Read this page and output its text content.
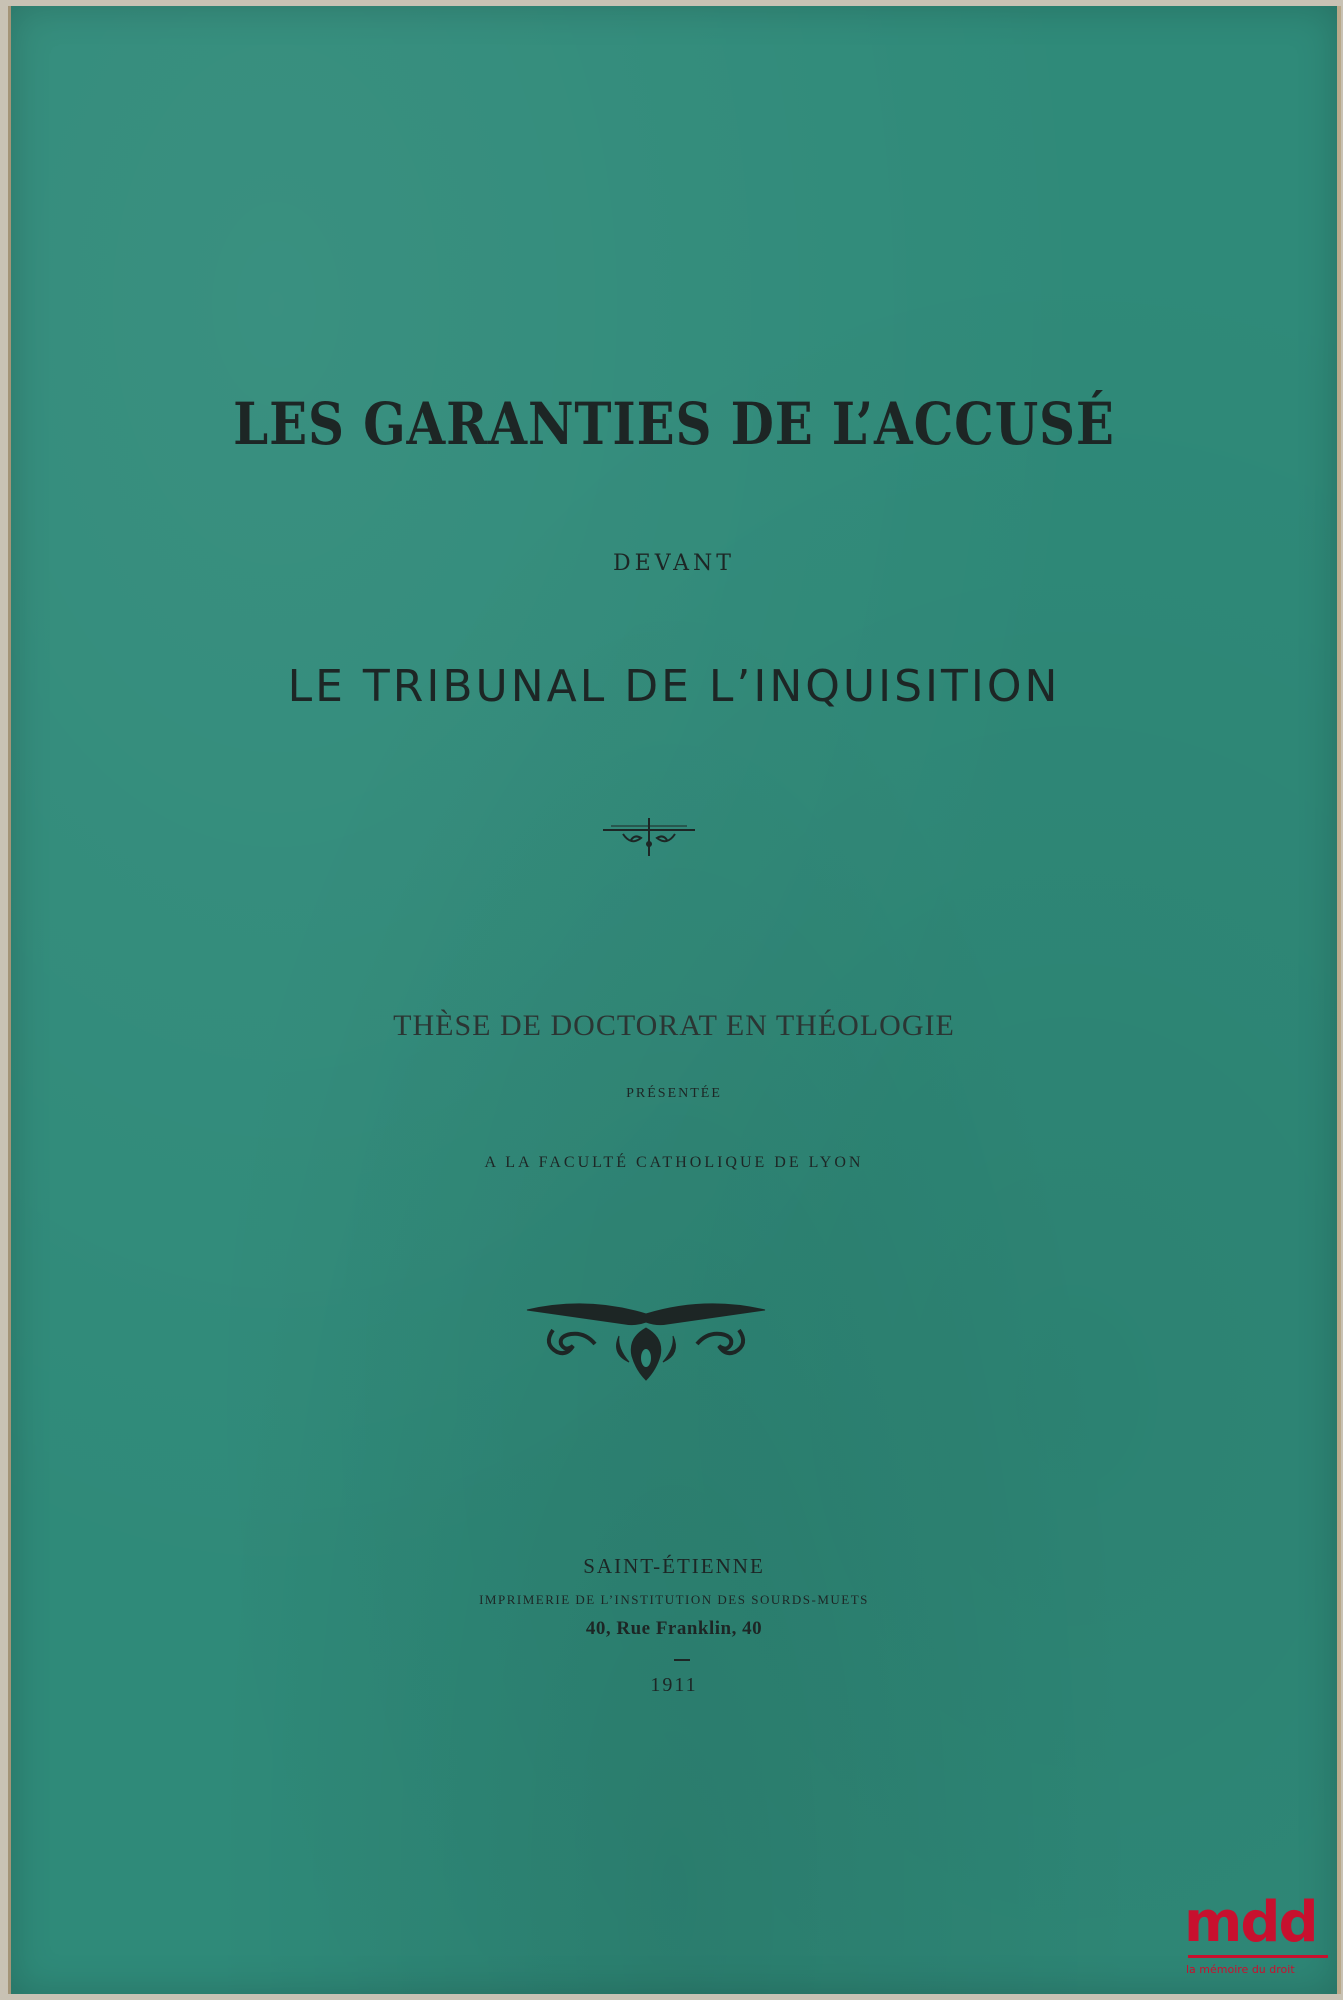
LES GARANTIES DE L’ACCUSÉ
DEVANT
LE TRIBUNAL DE L’INQUISITION
THÈSE DE DOCTORAT EN THÉOLOGIE
PRÉSENTÉE
A LA FACULTÉ CATHOLIQUE DE LYON
SAINT-ÉTIENNE
IMPRIMERIE DE L’INSTITUTION DES SOURDS-MUETS
40, Rue Franklin, 40
1911
mdd
la mémoire du droit
